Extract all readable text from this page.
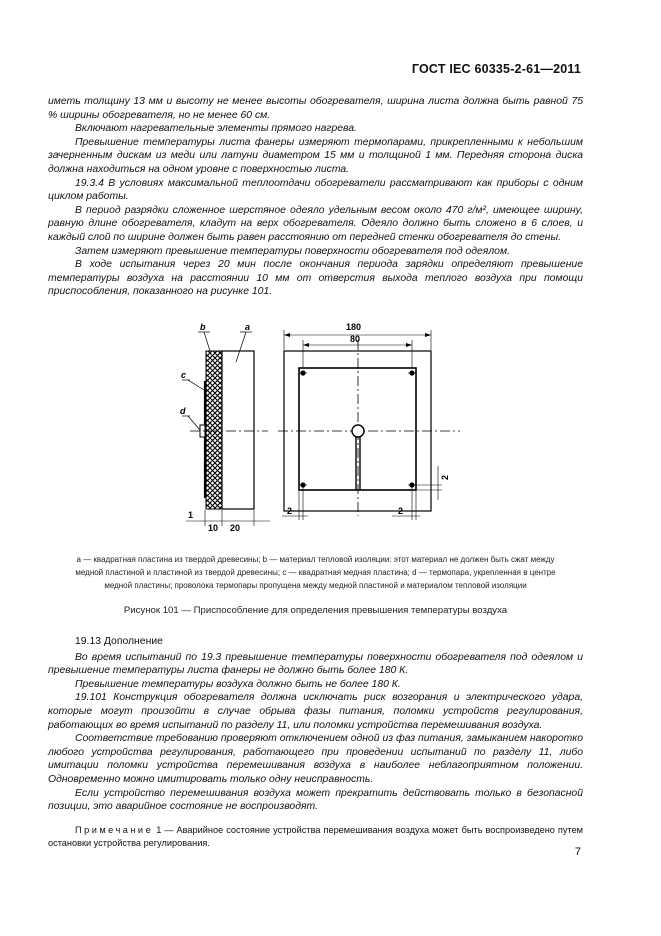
ГОСТ IEC 60335-2-61—2011

иметь толщину 13 мм и высоту не менее высоты обогревателя, ширина листа должна быть равной 75 % ширины обогревателя, но не менее 60 см.

Включают нагревательные элементы прямого нагрева.

Превышение температуры листа фанеры измеряют термопарами, прикрепленными к небольшим зачерненным дискам из меди или латуни диаметром 15 мм и толщиной 1 мм. Передняя сторона диска должна находиться на одном уровне с поверхностью листа.

19.3.4 В условиях максимальной теплоотдачи обогреватели рассматривают как приборы с одним циклом работы.

В период разрядки сложенное шерстяное одеяло удельным весом около 470 г/м², имеющее ширину, равную длине обогревателя, кладут на верх обогревателя. Одеяло должно быть сложено в 6 слоев, и каждый слой по ширине должен быть равен расстоянию от передней стенки обогревателя до стены.

Затем измеряют превышение температуры поверхности обогревателя под одеялом.

В ходе испытания через 20 мин после окончания периода зарядки определяют превышение температуры воздуха на расстоянии 10 мм от отверстия выхода теплого воздуха при помощи приспособления, показанного на рисунке 101.

b	a
c
d
1
10 20
180
80
2
2	2
a — квадратная пластина из твердой древесины; b — материал тепловой изоляции: этот материал не должен быть сжат между
медной пластиной и пластиной из твердой древесины; c — квадратная медная пластина; d — термопара, укрепленная в центре
медной пластины; проволока термопары пропущена между медной пластиной и материалом тепловой изоляции
Рисунок 101 — Приспособление для определения превышения температуры воздуха

19.13 Дополнение

Во время испытаний по 19.3 превышение температуры поверхности обогревателя под одеялом и превышение температуры листа фанеры не должно быть более 180 К.

Превышение температуры воздуха должно быть не более 180 К.

19.101 Конструкция обогревателя должна исключать риск возгорания и электрического удара, которые могут произойти в случае обрыва фазы питания, поломки устройств регулирования, работающих во время испытаний по разделу 11, или поломки устройства перемешивания воздуха.

Соответствие требованию проверяют отключением одной из фаз питания, замыканием накоротко любого устройства регулирования, работающего при проведении испытаний по разделу 11, либо имитации поломки устройства перемешивания воздуха в наиболее неблагоприятном положении. Одновременно можно имитировать только одну неисправность.

Если устройство перемешивания воздуха может прекратить действовать только в безопасной позиции, это аварийное состояние не воспроизводят.

Примечание 1 — Аварийное состояние устройства перемешивания воздуха может быть воспроизведено путем остановки устройства регулирования.

7
